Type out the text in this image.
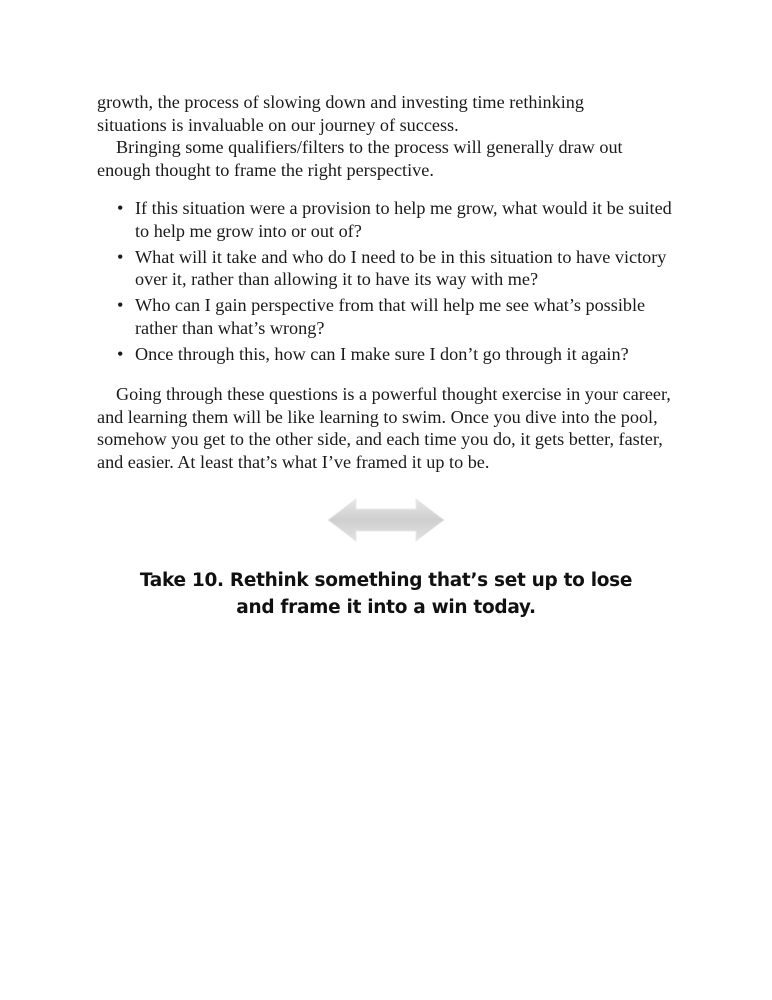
growth, the process of slowing down and investing time rethinking
situations is invaluable on our journey of success.

Bringing some qualifiers/filters to the process will generally draw out enough thought to frame the right perspective.

• If this situation were a provision to help me grow, what would it be suited to help me grow into or out of?
• What will it take and who do I need to be in this situation to have victory over it, rather than allowing it to have its way with me?
• Who can I gain perspective from that will help me see what’s possible rather than what’s wrong?
• Once through this, how can I make sure I don’t go through it again?

Going through these questions is a powerful thought exercise in your career, and learning them will be like learning to swim. Once you dive into the pool, somehow you get to the other side, and each time you do, it gets better, faster, and easier. At least that’s what I’ve framed it up to be.

Take 10. Rethink something that’s set up to lose
and frame it into a win today.
